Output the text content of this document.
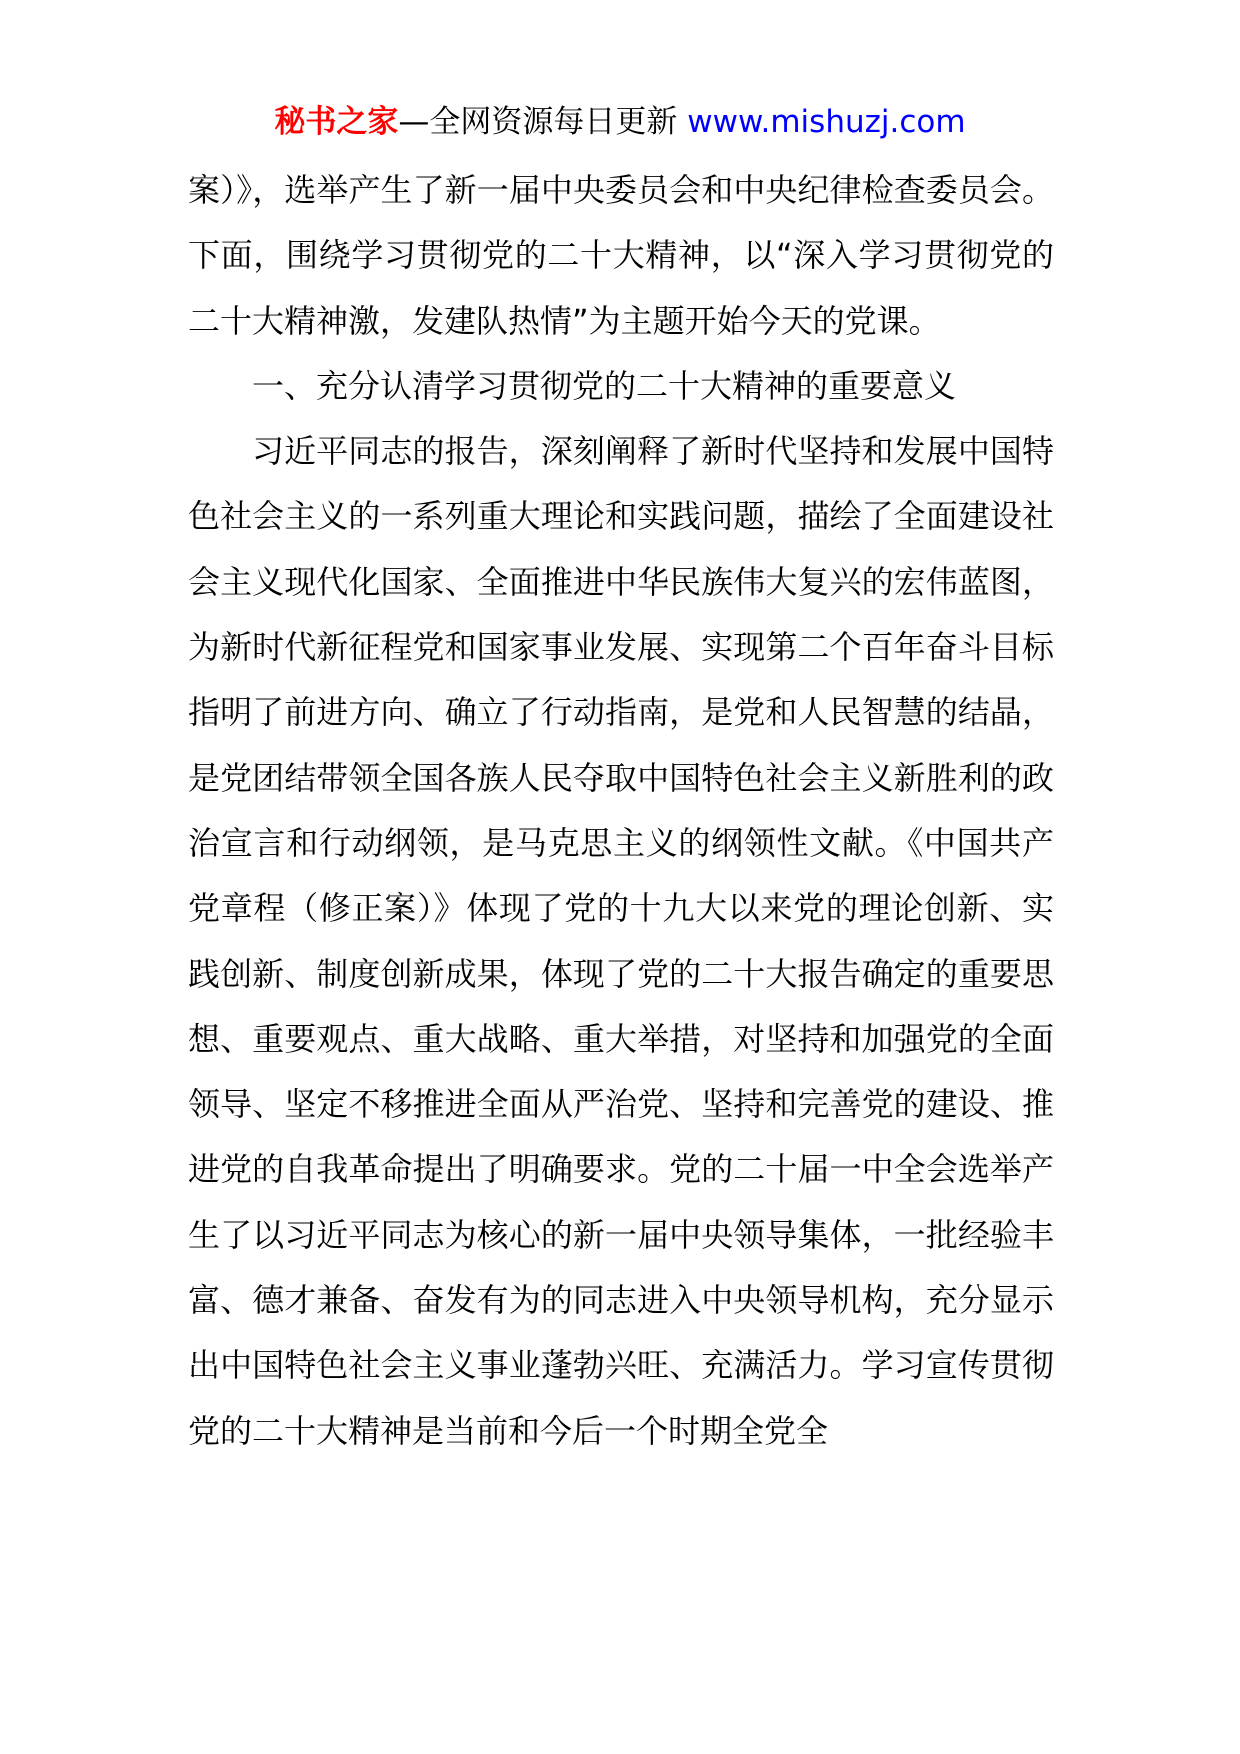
秘书之家—全网资源每日更新 www.mishuzj.com

案）》，选举产生了新一届中央委员会和中央纪律检查委员会。下面，围绕学习贯彻党的二十大精神，以“深入学习贯彻党的二十大精神激，发建队热情”为主题开始今天的党课。

一、充分认清学习贯彻党的二十大精神的重要意义

习近平同志的报告，深刻阐释了新时代坚持和发展中国特色社会主义的一系列重大理论和实践问题，描绘了全面建设社会主义现代化国家、全面推进中华民族伟大复兴的宏伟蓝图，为新时代新征程党和国家事业发展、实现第二个百年奋斗目标指明了前进方向、确立了行动指南，是党和人民智慧的结晶，是党团结带领全国各族人民夺取中国特色社会主义新胜利的政治宣言和行动纲领，是马克思主义的纲领性文献。《中国共产党章程（修正案）》体现了党的十九大以来党的理论创新、实践创新、制度创新成果，体现了党的二十大报告确定的重要思想、重要观点、重大战略、重大举措，对坚持和加强党的全面领导、坚定不移推进全面从严治党、坚持和完善党的建设、推进党的自我革命提出了明确要求。党的二十届一中全会选举产生了以习近平同志为核心的新一届中央领导集体，一批经验丰富、德才兼备、奋发有为的同志进入中央领导机构，充分显示出中国特色社会主义事业蓬勃兴旺、充满活力。学习宣传贯彻党的二十大精神是当前和今后一个时期全党全
